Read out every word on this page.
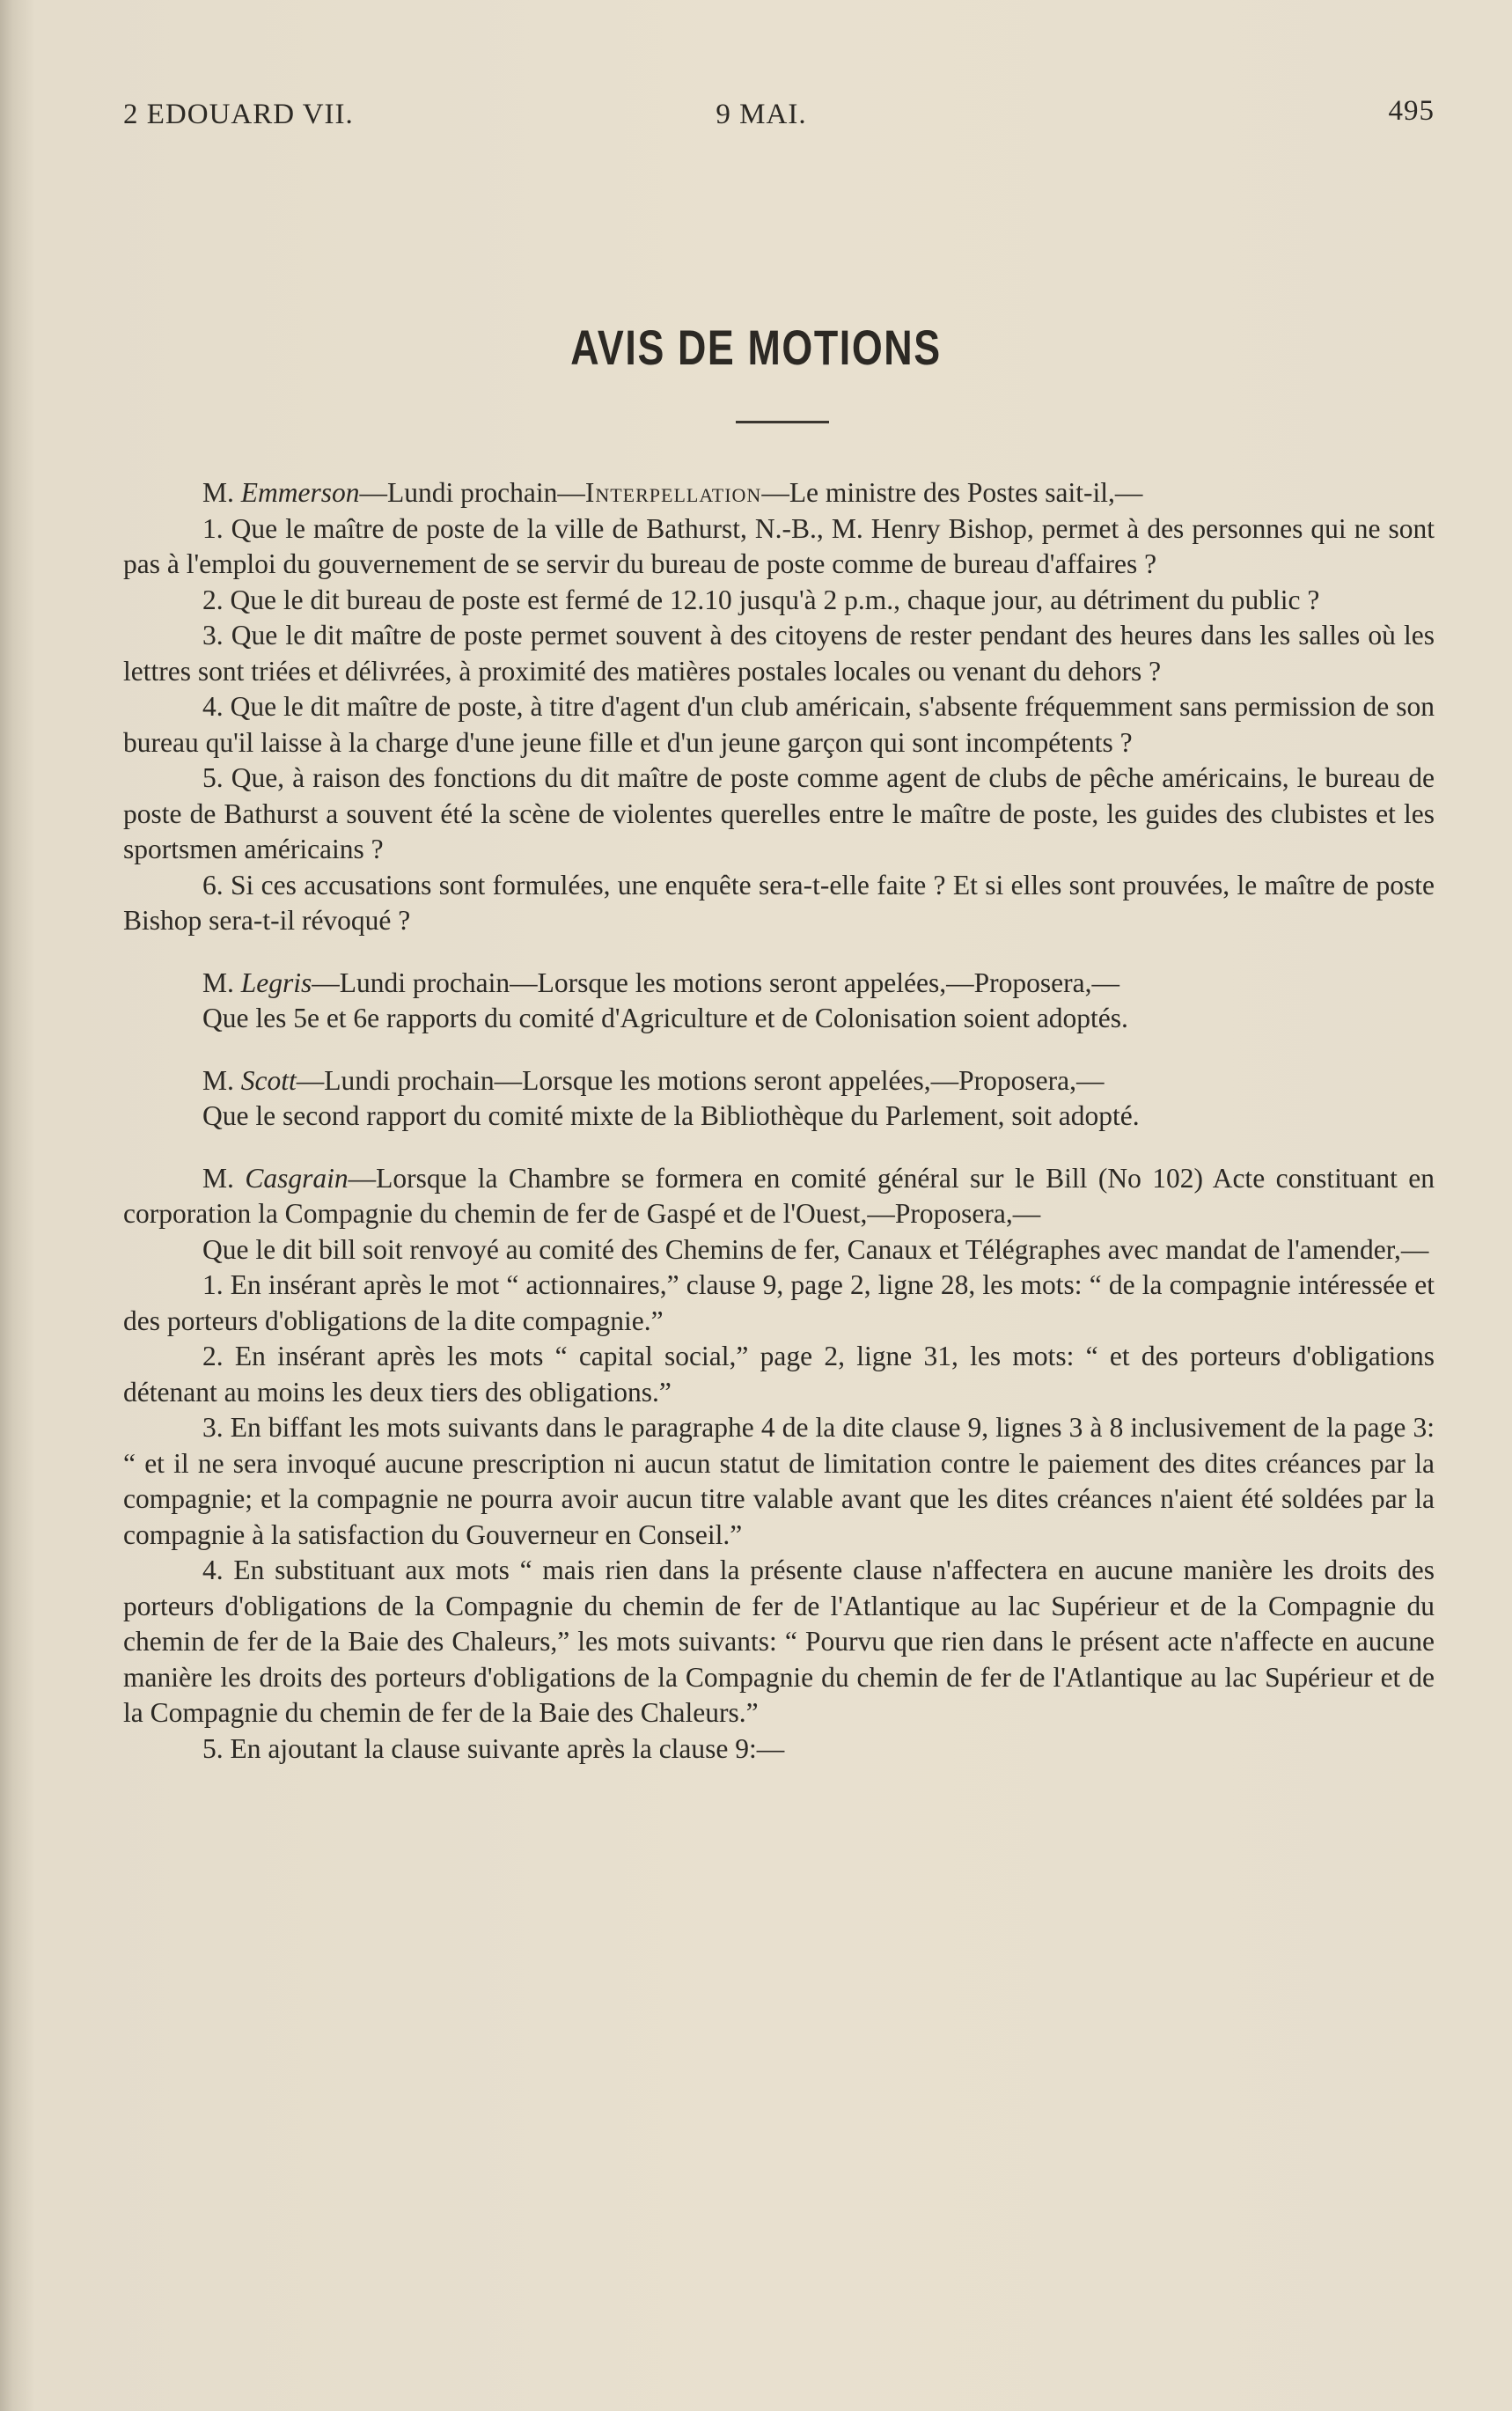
2 EDOUARD VII.	9 MAI.	495
AVIS DE MOTIONS

M. Emmerson—Lundi prochain—Interpellation—Le ministre des Postes sait-il,—

1. Que le maître de poste de la ville de Bathurst, N.-B., M. Henry Bishop, permet à des personnes qui ne sont pas à l'emploi du gouvernement de se servir du bureau de poste comme de bureau d'affaires ?

2. Que le dit bureau de poste est fermé de 12.10 jusqu'à 2 p.m., chaque jour, au détriment du public ?

3. Que le dit maître de poste permet souvent à des citoyens de rester pendant des heures dans les salles où les lettres sont triées et délivrées, à proximité des matières postales locales ou venant du dehors ?

4. Que le dit maître de poste, à titre d'agent d'un club américain, s'absente fréquemment sans permission de son bureau qu'il laisse à la charge d'une jeune fille et d'un jeune garçon qui sont incompétents ?

5. Que, à raison des fonctions du dit maître de poste comme agent de clubs de pêche américains, le bureau de poste de Bathurst a souvent été la scène de violentes querelles entre le maître de poste, les guides des clubistes et les sportsmen américains ?

6. Si ces accusations sont formulées, une enquête sera-t-elle faite ? Et si elles sont prouvées, le maître de poste Bishop sera-t-il révoqué ?

M. Legris—Lundi prochain—Lorsque les motions seront appelées,—Proposera,—

Que les 5e et 6e rapports du comité d'Agriculture et de Colonisation soient adoptés.

M. Scott—Lundi prochain—Lorsque les motions seront appelées,—Proposera,—

Que le second rapport du comité mixte de la Bibliothèque du Parlement, soit adopté.

M. Casgrain—Lorsque la Chambre se formera en comité général sur le Bill (No 102) Acte constituant en corporation la Compagnie du chemin de fer de Gaspé et de l'Ouest,—Proposera,—

Que le dit bill soit renvoyé au comité des Chemins de fer, Canaux et Télégraphes avec mandat de l'amender,—

1. En insérant après le mot “ actionnaires,” clause 9, page 2, ligne 28, les mots: “ de la compagnie intéressée et des porteurs d'obligations de la dite compagnie.”

2. En insérant après les mots “ capital social,” page 2, ligne 31, les mots: “ et des porteurs d'obligations détenant au moins les deux tiers des obligations.”

3. En biffant les mots suivants dans le paragraphe 4 de la dite clause 9, lignes 3 à 8 inclusivement de la page 3: “ et il ne sera invoqué aucune prescription ni aucun statut de limitation contre le paiement des dites créances par la compagnie; et la compagnie ne pourra avoir aucun titre valable avant que les dites créances n'aient été soldées par la compagnie à la satisfaction du Gouverneur en Conseil.”

4. En substituant aux mots “ mais rien dans la présente clause n'affectera en aucune manière les droits des porteurs d'obligations de la Compagnie du chemin de fer de l'Atlantique au lac Supérieur et de la Compagnie du chemin de fer de la Baie des Chaleurs,” les mots suivants: “ Pourvu que rien dans le présent acte n'affecte en aucune manière les droits des porteurs d'obligations de la Compagnie du chemin de fer de l'Atlantique au lac Supérieur et de la Compagnie du chemin de fer de la Baie des Chaleurs.”

5. En ajoutant la clause suivante après la clause 9:—
